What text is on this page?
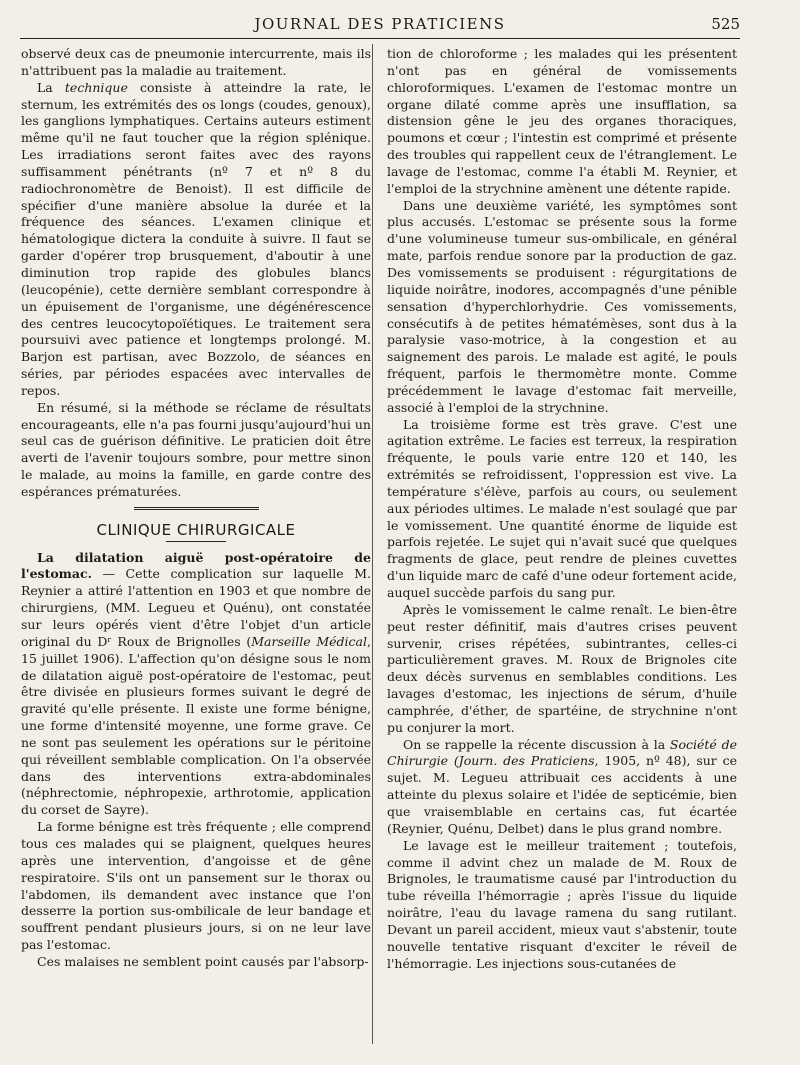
JOURNAL DES PRATICIENS	525

observé deux cas de pneumonie intercurrente, mais ils n'attribuent pas la maladie au traitement.

La technique consiste à atteindre la rate, le sternum, les extrémités des os longs (coudes, genoux), les ganglions lymphatiques. Certains auteurs estiment même qu'il ne faut toucher que la région splénique. Les irradiations seront faites avec des rayons suffisamment pénétrants (nº 7 et nº 8 du radiochronomètre de Benoist). Il est difficile de spécifier d'une manière absolue la durée et la fréquence des séances. L'examen clinique et hématologique dictera la conduite à suivre. Il faut se garder d'opérer trop brusquement, d'aboutir à une diminution trop rapide des globules blancs (leucopénie), cette dernière semblant correspondre à un épuisement de l'organisme, une dégénérescence des centres leucocytopoïétiques. Le traitement sera poursuivi avec patience et longtemps prolongé. M. Barjon est partisan, avec Bozzolo, de séances en séries, par périodes espacées avec intervalles de repos.

En résumé, si la méthode se réclame de résultats encourageants, elle n'a pas fourni jusqu'aujourd'hui un seul cas de guérison définitive. Le praticien doit être averti de l'avenir toujours sombre, pour mettre sinon le malade, au moins la famille, en garde contre des espérances prématurées.

CLINIQUE CHIRURGICALE

La dilatation aiguë post-opératoire de l'estomac. — Cette complication sur laquelle M. Reynier a attiré l'attention en 1903 et que nombre de chirurgiens, (MM. Legueu et Quénu), ont constatée sur leurs opérés vient d'être l'objet d'un article original du Dʳ Roux de Brignolles (Marseille Médical, 15 juillet 1906). L'affection qu'on désigne sous le nom de dilatation aiguë post-opératoire de l'estomac, peut être divisée en plusieurs formes suivant le degré de gravité qu'elle présente. Il existe une forme bénigne, une forme d'intensité moyenne, une forme grave. Ce ne sont pas seulement les opérations sur le péritoine qui réveillent semblable complication. On l'a observée dans des interventions extra-abdominales (néphrectomie, néphropexie, arthrotomie, application du corset de Sayre).

La forme bénigne est très fréquente ; elle comprend tous ces malades qui se plaignent, quelques heures après une intervention, d'angoisse et de gêne respiratoire. S'ils ont un pansement sur le thorax ou l'abdomen, ils demandent avec instance que l'on desserre la portion sus-ombilicale de leur bandage et souffrent pendant plusieurs jours, si on ne leur lave pas l'estomac.

Ces malaises ne semblent point causés par l'absorp-

tion de chloroforme ; les malades qui les présentent n'ont pas en général de vomissements chloroformiques. L'examen de l'estomac montre un organe dilaté comme après une insufflation, sa distension gêne le jeu des organes thoraciques, poumons et cœur ; l'intestin est comprimé et présente des troubles qui rappellent ceux de l'étranglement. Le lavage de l'estomac, comme l'a établi M. Reynier, et l'emploi de la strychnine amènent une détente rapide.

Dans une deuxième variété, les symptômes sont plus accusés. L'estomac se présente sous la forme d'une volumineuse tumeur sus-ombilicale, en général mate, parfois rendue sonore par la production de gaz. Des vomissements se produisent : régurgitations de liquide noirâtre, inodores, accompagnés d'une pénible sensation d'hyperchlorhydrie. Ces vomissements, consécutifs à de petites hématémèses, sont dus à la paralysie vaso-motrice, à la congestion et au saignement des parois. Le malade est agité, le pouls fréquent, parfois le thermomètre monte. Comme précédemment le lavage d'estomac fait merveille, associé à l'emploi de la strychnine.

La troisième forme est très grave. C'est une agitation extrême. Le facies est terreux, la respiration fréquente, le pouls varie entre 120 et 140, les extrémités se refroidissent, l'oppression est vive. La température s'élève, parfois au cours, ou seulement aux périodes ultimes. Le malade n'est soulagé que par le vomissement. Une quantité énorme de liquide est parfois rejetée. Le sujet qui n'avait sucé que quelques fragments de glace, peut rendre de pleines cuvettes d'un liquide marc de café d'une odeur fortement acide, auquel succède parfois du sang pur.

Après le vomissement le calme renaît. Le bien-être peut rester définitif, mais d'autres crises peuvent survenir, crises répétées, subintrantes, celles-ci particulièrement graves. M. Roux de Brignoles cite deux décès survenus en semblables conditions. Les lavages d'estomac, les injections de sérum, d'huile camphrée, d'éther, de spartéine, de strychnine n'ont pu conjurer la mort.

On se rappelle la récente discussion à la Société de Chirurgie (Journ. des Praticiens, 1905, nº 48), sur ce sujet. M. Legueu attribuait ces accidents à une atteinte du plexus solaire et l'idée de septicémie, bien que vraisemblable en certains cas, fut écartée (Reynier, Quénu, Delbet) dans le plus grand nombre.

Le lavage est le meilleur traitement ; toutefois, comme il advint chez un malade de M. Roux de Brignoles, le traumatisme causé par l'introduction du tube réveilla l'hémorragie ; après l'issue du liquide noirâtre, l'eau du lavage ramena du sang rutilant. Devant un pareil accident, mieux vaut s'abstenir, toute nouvelle tentative risquant d'exciter le réveil de l'hémorragie. Les injections sous-cutanées de
